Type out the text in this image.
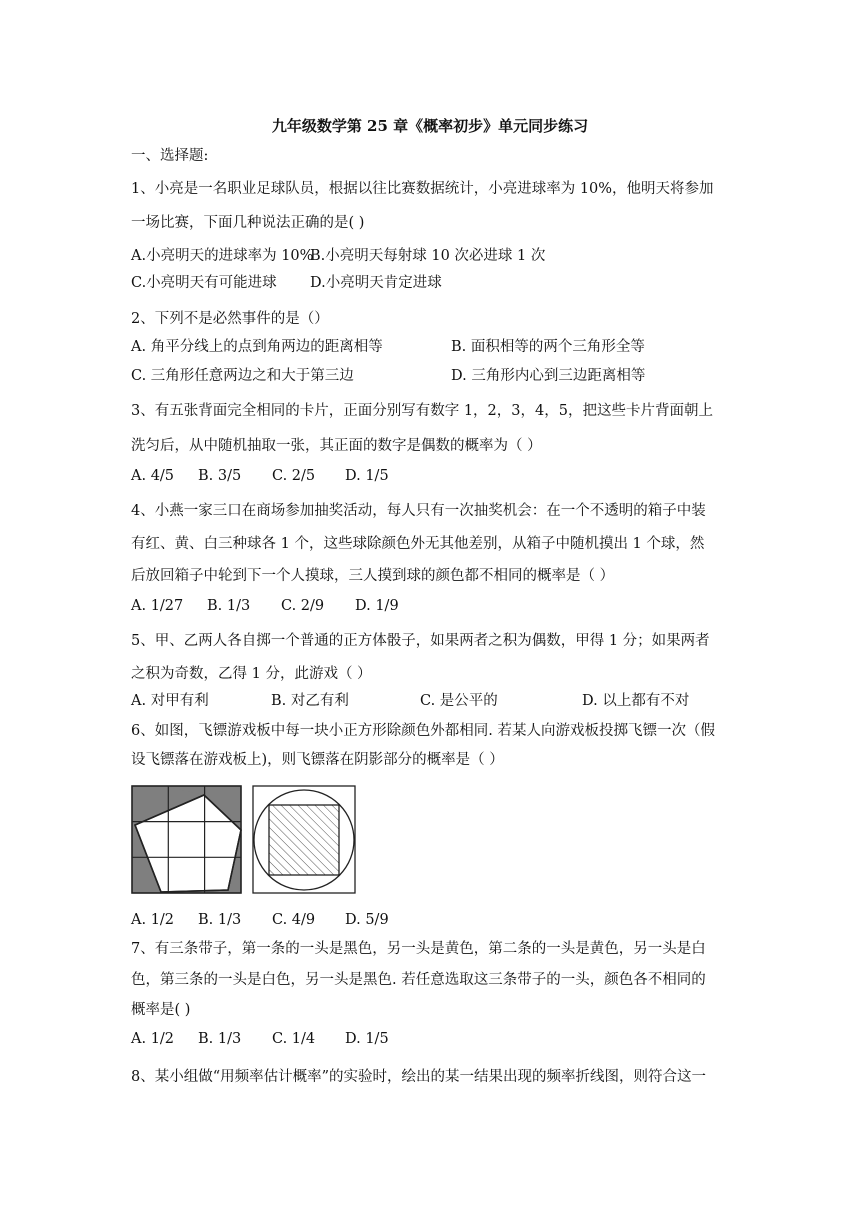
九年级数学第 25 章《概率初步》单元同步练习
一、选择题:
1、小亮是一名职业足球队员，根据以往比赛数据统计，小亮进球率为 10%，他明天将参加
一场比赛，下面几种说法正确的是( )
A.小亮明天的进球率为 10%
B.小亮明天每射球 10 次必进球 1 次
C.小亮明天有可能进球 D.小亮明天肯定进球
2、下列不是必然事件的是（）
A. 角平分线上的点到角两边的距离相等	B. 面积相等的两个三角形全等
C. 三角形任意两边之和大于第三边	D. 三角形内心到三边距离相等
3、有五张背面完全相同的卡片，正面分别写有数字 1，2，3，4，5，把这些卡片背面朝上
洗匀后，从中随机抽取一张，其正面的数字是偶数的概率为（ ）
A. 4/5 B. 3/5 C. 2/5 D. 1/5
4、小燕一家三口在商场参加抽奖活动，每人只有一次抽奖机会：在一个不透明的箱子中装
有红、黄、白三种球各 1 个，这些球除颜色外无其他差别，从箱子中随机摸出 1 个球，然
后放回箱子中轮到下一个人摸球，三人摸到球的颜色都不相同的概率是（ ）
A. 1/27 B. 1/3 C. 2/9 D. 1/9
5、甲、乙两人各自掷一个普通的正方体骰子，如果两者之积为偶数，甲得 1 分；如果两者
之积为奇数，乙得 1 分，此游戏（ ）
A. 对甲有利	B. 对乙有利	C. 是公平的	D. 以上都有不对
6、如图，飞镖游戏板中每一块小正方形除颜色外都相同. 若某人向游戏板投掷飞镖一次（假
设飞镖落在游戏板上)，则飞镖落在阴影部分的概率是（ ）
A. 1/2 B. 1/3 C. 4/9 D. 5/9
7、有三条带子，第一条的一头是黑色，另一头是黄色，第二条的一头是黄色，另一头是白
色，第三条的一头是白色，另一头是黑色. 若任意选取这三条带子的一头，颜色各不相同的
概率是( )
A. 1/2 B. 1/3 C. 1/4 D. 1/5
8、某小组做“用频率估计概率”的实验时，绘出的某一结果出现的频率折线图，则符合这一
